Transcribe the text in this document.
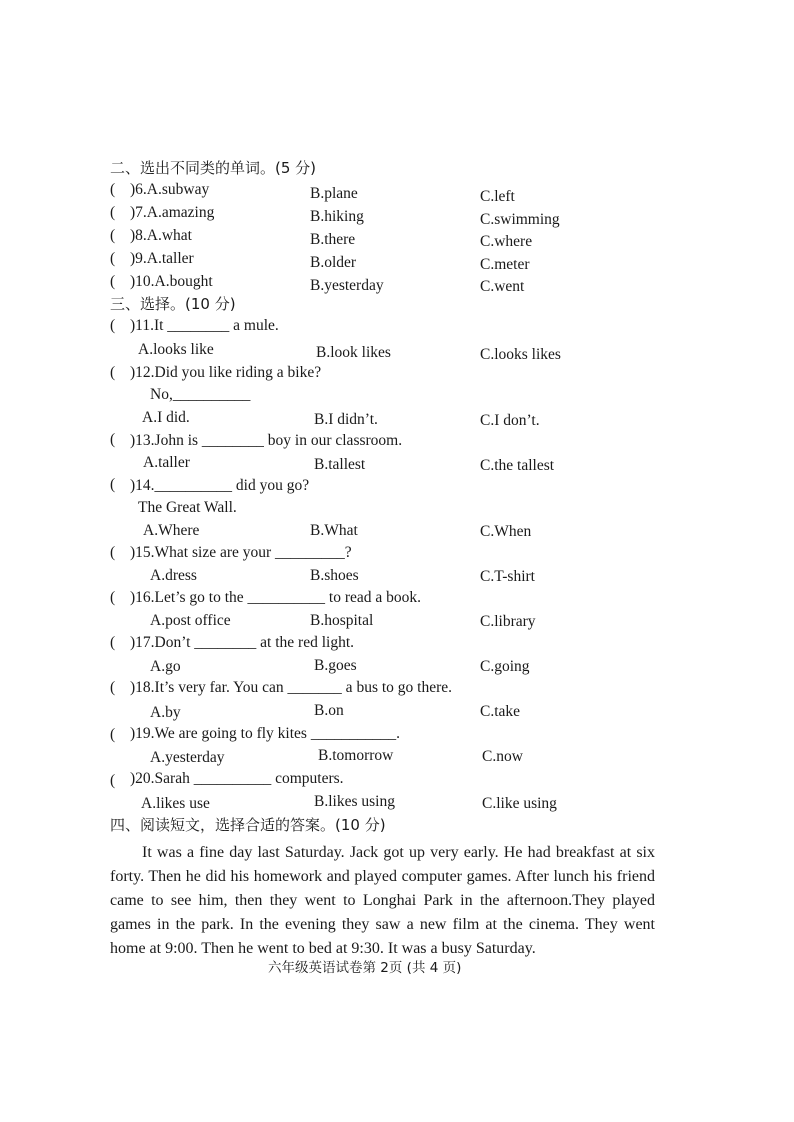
二、选出不同类的单词。(5 分)
( )6.A.subway	B.plane	C.left
( )7.A.amazing	B.hiking	C.swimming
( )8.A.what	B.there	C.where
( )9.A.taller	B.older	C.meter
( )10.A.bought	B.yesterday	C.went
三、选择。(10 分)
( )11.It ________ a mule.
A.looks like	B.look likes	C.looks likes
( )12.Did you like riding a bike?
No,__________
A.I did.	B.I didn’t.	C.I don’t.
( )13.John is ________ boy in our classroom.
A.taller	B.tallest	C.the tallest
( )14.__________ did you go?
The Great Wall.
A.Where	B.What	C.When
( )15.What size are your _________?
A.dress	B.shoes	C.T-shirt
( )16.Let’s go to the __________ to read a book.
A.post office	B.hospital	C.library
( )17.Don’t ________ at the red light.
A.go	B.goes	C.going
( )18.It’s very far. You can _______ a bus to go there.
A.by	B.on	C.take
( )19.We are going to fly kites ___________.
A.yesterday	B.tomorrow	C.now
( )20.Sarah __________ computers.
A.likes use	B.likes using	C.like using
四、阅读短文，选择合适的答案。(10 分)
It was a fine day last Saturday. Jack got up very early. He had breakfast at six forty. Then he did his homework and played computer games. After lunch his friend came to see him, then they went to Longhai Park in the afternoon.They played games in the park. In the evening they saw a new film at the cinema. They went home at 9:00. Then he went to bed at 9:30. It was a busy Saturday.
六年级英语试卷第 2页 (共 4 页)
